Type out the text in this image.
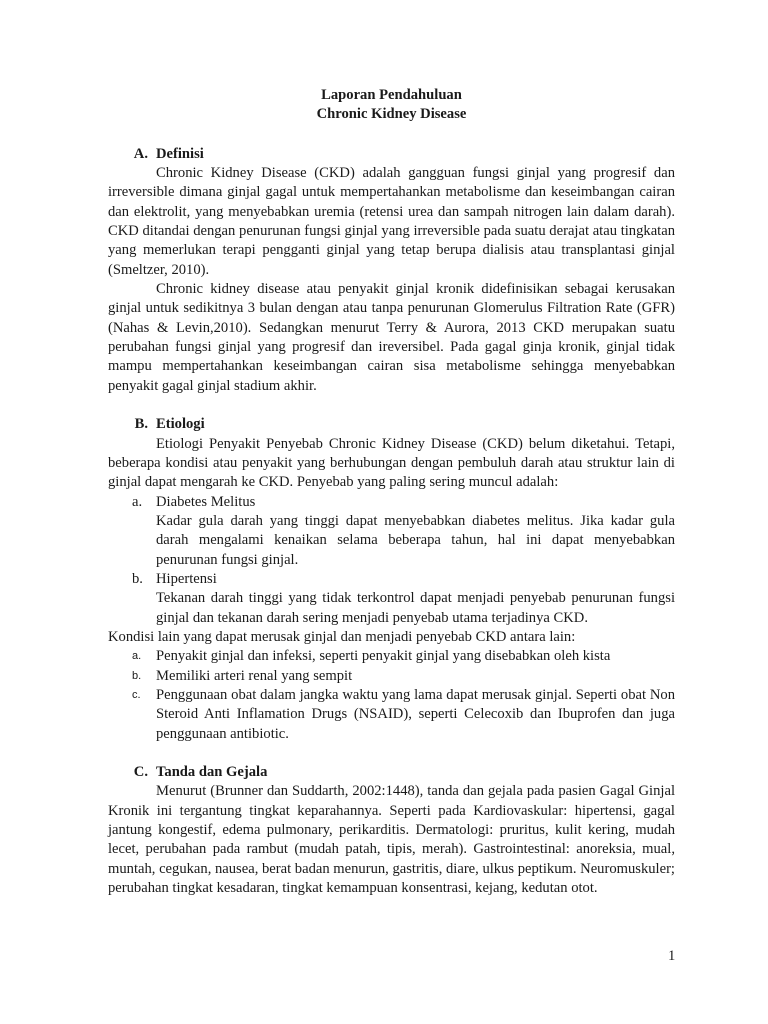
Laporan Pendahuluan

Chronic Kidney Disease

A. Definisi

Chronic Kidney Disease (CKD) adalah gangguan fungsi ginjal yang progresif dan irreversible dimana ginjal gagal untuk mempertahankan metabolisme dan keseimbangan cairan dan elektrolit, yang menyebabkan uremia (retensi urea dan sampah nitrogen lain dalam darah). CKD ditandai dengan penurunan fungsi ginjal yang irreversible pada suatu derajat atau tingkatan yang memerlukan terapi pengganti ginjal yang tetap berupa dialisis atau transplantasi ginjal (Smeltzer, 2010).

Chronic kidney disease atau penyakit ginjal kronik didefinisikan sebagai kerusakan ginjal untuk sedikitnya 3 bulan dengan atau tanpa penurunan Glomerulus Filtration Rate (GFR) (Nahas & Levin,2010). Sedangkan menurut Terry & Aurora, 2013 CKD merupakan suatu perubahan fungsi ginjal yang progresif dan ireversibel. Pada gagal ginja kronik, ginjal tidak mampu mempertahankan keseimbangan cairan sisa metabolisme sehingga menyebabkan penyakit gagal ginjal stadium akhir.

B. Etiologi

Etiologi Penyakit Penyebab Chronic Kidney Disease (CKD) belum diketahui. Tetapi, beberapa kondisi atau penyakit yang berhubungan dengan pembuluh darah atau struktur lain di ginjal dapat mengarah ke CKD. Penyebab yang paling sering muncul adalah:

a. Diabetes Melitus

Kadar gula darah yang tinggi dapat menyebabkan diabetes melitus. Jika kadar gula darah mengalami kenaikan selama beberapa tahun, hal ini dapat menyebabkan penurunan fungsi ginjal.

b. Hipertensi

Tekanan darah tinggi yang tidak terkontrol dapat menjadi penyebab penurunan fungsi ginjal dan tekanan darah sering menjadi penyebab utama terjadinya CKD.

Kondisi lain yang dapat merusak ginjal dan menjadi penyebab CKD antara lain:

a.	Penyakit ginjal dan infeksi, seperti penyakit ginjal yang disebabkan oleh kista
b.	Memiliki arteri renal yang sempit
c.	Penggunaan obat dalam jangka waktu yang lama dapat merusak ginjal. Seperti obat Non Steroid Anti Inflamation Drugs (NSAID), seperti Celecoxib dan Ibuprofen dan juga penggunaan antibiotic.
C. Tanda dan Gejala

Menurut (Brunner dan Suddarth, 2002:1448), tanda dan gejala pada pasien Gagal Ginjal Kronik ini tergantung tingkat keparahannya. Seperti pada Kardiovaskular: hipertensi, gagal jantung kongestif, edema pulmonary, perikarditis. Dermatologi: pruritus, kulit kering, mudah lecet, perubahan pada rambut (mudah patah, tipis, merah). Gastrointestinal: anoreksia, mual, muntah, cegukan, nausea, berat badan menurun, gastritis, diare, ulkus peptikum. Neuromuskuler; perubahan tingkat kesadaran, tingkat kemampuan konsentrasi, kejang, kedutan otot.

1
